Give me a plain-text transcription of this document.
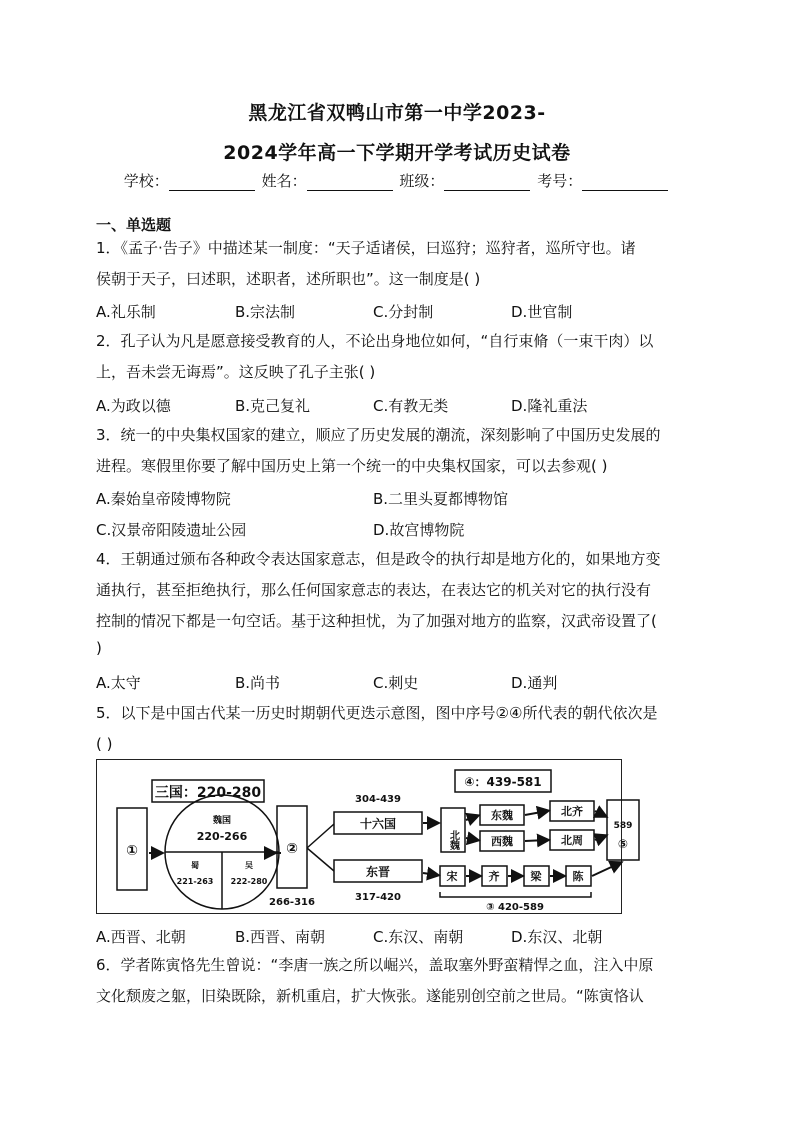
黑龙江省双鸭山市第一中学2023-
2024学年高一下学期开学考试历史试卷
学校：	姓名：	班级：	考号：
一、单选题
1．《孟子·告子》中描述某一制度：“天子适诸侯，曰巡狩；巡狩者，巡所守也。诸
侯朝于天子，曰述职，述职者，述所职也”。这一制度是( )
A.礼乐制	B.宗法制	C.分封制	D.世官制
2．孔子认为凡是愿意接受教育的人，不论出身地位如何，“自行束脩（一束干肉）以
上，吾未尝无诲焉”。这反映了孔子主张( )
A.为政以德	B.克己复礼	C.有教无类	D.隆礼重法
3．统一的中央集权国家的建立，顺应了历史发展的潮流，深刻影响了中国历史发展的
进程。寒假里你要了解中国历史上第一个统一的中央集权国家，可以去参观( )
A.秦始皇帝陵博物院	B.二里头夏都博物馆
C.汉景帝阳陵遗址公园	D.故宫博物院
4．王朝通过颁布各种政令表达国家意志，但是政令的执行却是地方化的，如果地方变
通执行，甚至拒绝执行，那么任何国家意志的表达，在表达它的机关对它的执行没有
控制的情况下都是一句空话。基于这种担忧，为了加强对地方的监察，汉武帝设置了(
)
A.太守	B.尚书	C.刺史	D.通判
5．以下是中国古代某一历史时期朝代更迭示意图，图中序号②④所代表的朝代依次是
( )
①
三国：220-280
魏国
220-266
蜀
221-263
吴
222-280
②
266-316
304-439
十六国
东晋
317-420
④：439-581
北魏
东魏
西魏
北齐
北周
589
⑤
宋	齐	梁	陈
③ 420-589
A.西晋、北朝	B.西晋、南朝	C.东汉、南朝	D.东汉、北朝
6．学者陈寅恪先生曾说：“李唐一族之所以崛兴，盖取塞外野蛮精悍之血，注入中原
文化颓废之躯，旧染既除，新机重启，扩大恢张。遂能别创空前之世局。“陈寅恪认
